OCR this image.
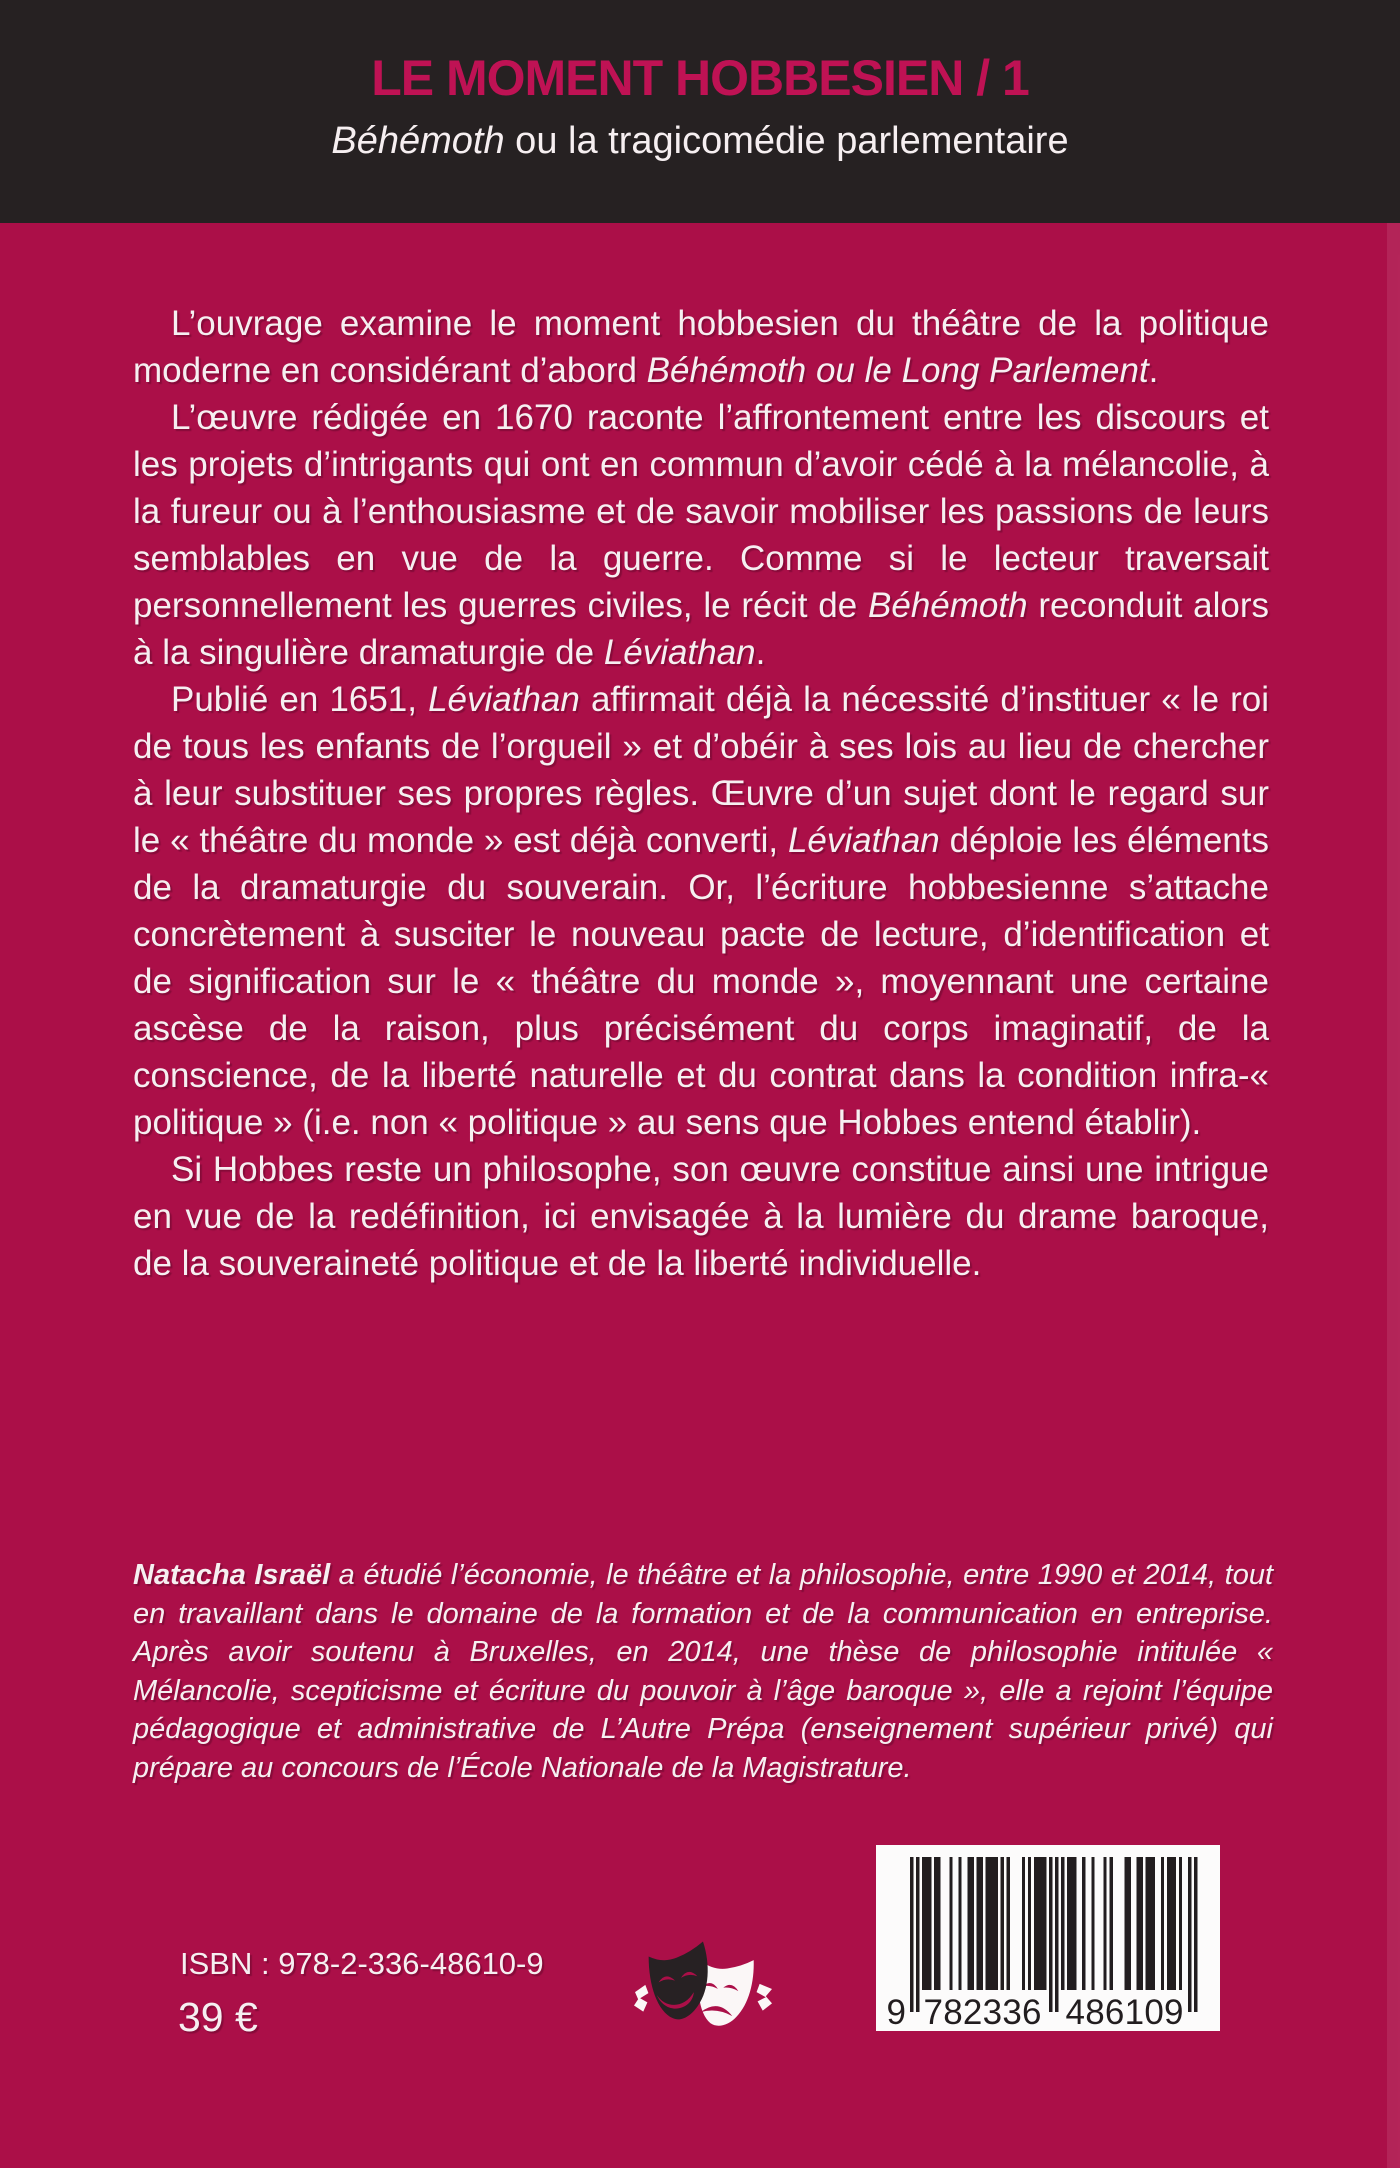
LE MOMENT HOBBESIEN / 1
Béhémoth ou la tragicomédie parlementaire

L’ouvrage examine le moment hobbesien du théâtre de la politique moderne en considérant d’abord Béhémoth ou le Long Parlement.

L’œuvre rédigée en 1670 raconte l’affrontement entre les discours et les projets d’intrigants qui ont en commun d’avoir cédé à la mélancolie, à la fureur ou à l’enthousiasme et de savoir mobiliser les passions de leurs semblables en vue de la guerre. Comme si le lecteur traversait personnellement les guerres civiles, le récit de Béhémoth reconduit alors à la singulière dramaturgie de Léviathan.

Publié en 1651, Léviathan affirmait déjà la nécessité d’instituer « le roi de tous les enfants de l’orgueil » et d’obéir à ses lois au lieu de chercher à leur substituer ses propres règles. Œuvre d’un sujet dont le regard sur le « théâtre du monde » est déjà converti, Léviathan déploie les éléments de la dramaturgie du souverain. Or, l’écriture hobbesienne s’attache concrètement à susciter le nouveau pacte de lecture, d’identification et de signification sur le « théâtre du monde », moyennant une certaine ascèse de la raison, plus précisément du corps imaginatif, de la conscience, de la liberté naturelle et du contrat dans la condition infra-« politique » (i.e. non « politique » au sens que Hobbes entend établir).

Si Hobbes reste un philosophe, son œuvre constitue ainsi une intrigue en vue de la redéfinition, ici envisagée à la lumière du drame baroque, de la souveraineté politique et de la liberté individuelle.

Natacha Israël a étudié l’économie, le théâtre et la philosophie, entre 1990 et 2014, tout en travaillant dans le domaine de la formation et de la communication en entreprise. Après avoir soutenu à Bruxelles, en 2014, une thèse de philosophie intitulée « Mélancolie, scepticisme et écriture du pouvoir à l’âge baroque », elle a rejoint l’équipe pédagogique et administrative de L’Autre Prépa (enseignement supérieur privé) qui prépare au concours de l’École Nationale de la Magistrature.

ISBN : 978-2-336-48610-9
39 €	9 782336 486109
